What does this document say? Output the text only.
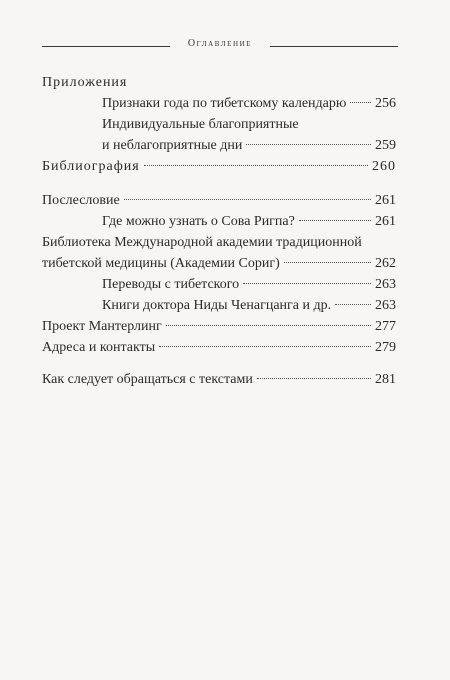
Оглавление
Приложения
Признаки года по тибетскому календарю 256
Индивидуальные благоприятные
и неблагоприятные дни	259
Библиография	260
Послесловие	261
Где можно узнать о Сова Ригпа?	261
Библиотека Международной академии традиционной
тибетской медицины (Академии Сориг)	262
Переводы с тибетского	263
Книги доктора Ниды Ченагцанга и др.	263
Проект Мантерлинг	277
Адреса и контакты	279
Как следует обращаться с текстами	281
